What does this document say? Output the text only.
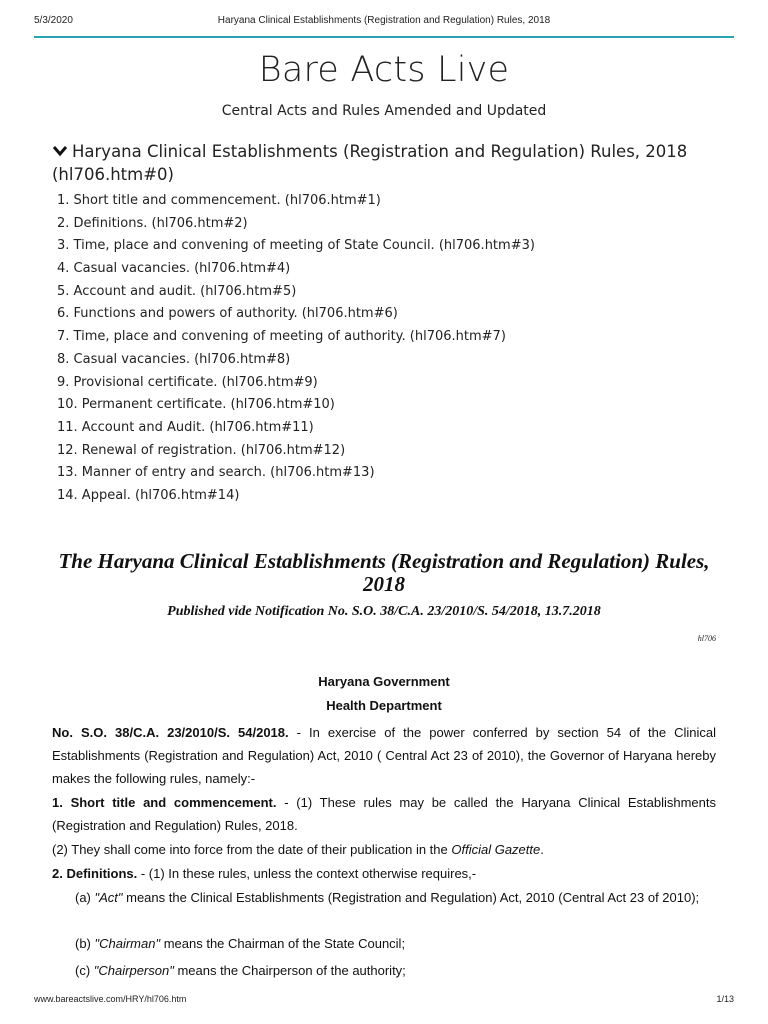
5/3/2020	Haryana Clinical Establishments (Registration and Regulation) Rules, 2018
Bare Acts Live
Central Acts and Rules Amended and Updated
Haryana Clinical Establishments (Registration and Regulation) Rules, 2018 (hl706.htm#0)
1. Short title and commencement. (hl706.htm#1)
2. Definitions. (hl706.htm#2)
3. Time, place and convening of meeting of State Council. (hl706.htm#3)
4. Casual vacancies. (hl706.htm#4)
5. Account and audit. (hl706.htm#5)
6. Functions and powers of authority. (hl706.htm#6)
7. Time, place and convening of meeting of authority. (hl706.htm#7)
8. Casual vacancies. (hl706.htm#8)
9. Provisional certificate. (hl706.htm#9)
10. Permanent certificate. (hl706.htm#10)
11. Account and Audit. (hl706.htm#11)
12. Renewal of registration. (hl706.htm#12)
13. Manner of entry and search. (hl706.htm#13)
14. Appeal. (hl706.htm#14)
The Haryana Clinical Establishments (Registration and Regulation) Rules, 2018
Published vide Notification No. S.O. 38/C.A. 23/2010/S. 54/2018, 13.7.2018
hl706
Haryana Government
Health Department
No. S.O. 38/C.A. 23/2010/S. 54/2018. - In exercise of the power conferred by section 54 of the Clinical Establishments (Registration and Regulation) Act, 2010 ( Central Act 23 of 2010), the Governor of Haryana hereby makes the following rules, namely:-
1. Short title and commencement. - (1) These rules may be called the Haryana Clinical Establishments (Registration and Regulation) Rules, 2018.
(2) They shall come into force from the date of their publication in the Official Gazette.
2. Definitions. - (1) In these rules, unless the context otherwise requires,-
(a) "Act" means the Clinical Establishments (Registration and Regulation) Act, 2010 (Central Act 23 of 2010);
(b) "Chairman" means the Chairman of the State Council;
(c) "Chairperson" means the Chairperson of the authority;
www.bareactslive.com/HRY/hl706.htm	1/13
